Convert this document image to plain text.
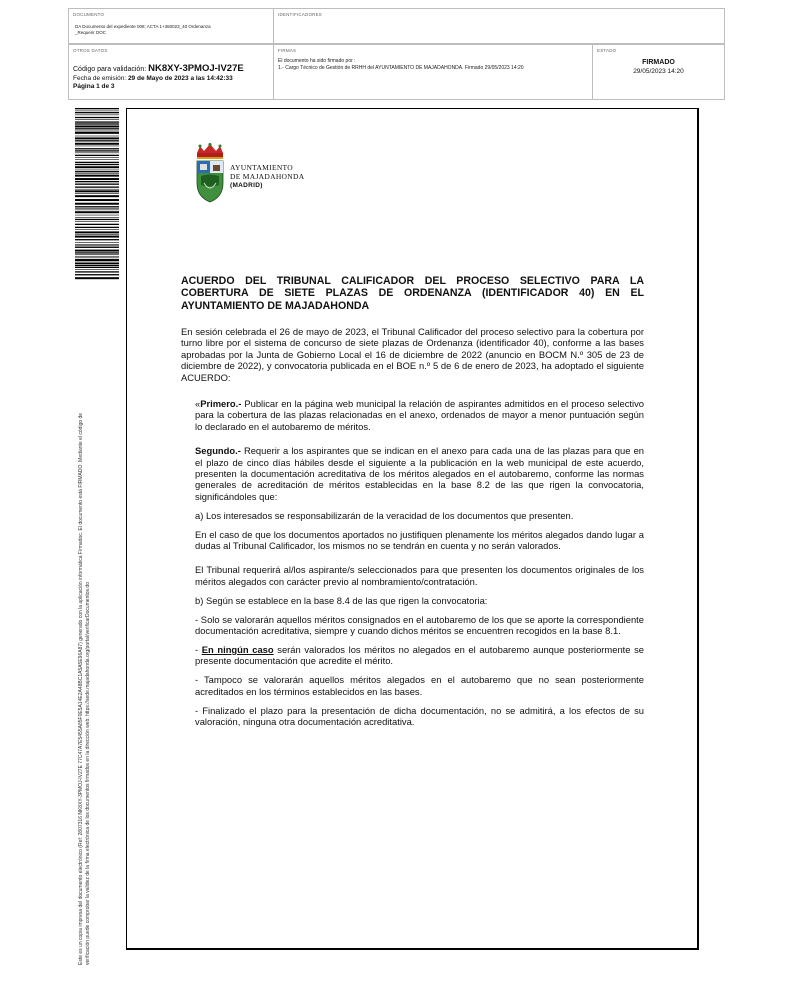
DOCUMENTO
DA Documento del expediente 008; ACTA 1+360023_40 Ordenanza
_Requerir DOC
IDENTIFICADORES
OTROS DATOS
Código para validación: NK8XY-3PMOJ-IV27E
Fecha de emisión: 29 de Mayo de 2023 a las 14:42:33
Página 1 de 3
FIRMAS
El documento ha sido firmado por :
1.- Cargo Técnico de Gestión de RRHH del AYUNTAMIENTO DE MAJADAHONDA. Firmado 29/05/2023 14:20
ESTADO
FIRMADO
29/05/2023 14:20
Este es un copia impresa del documento electrónico (Ref: 2807316 NK8XY-3PMOJ-IV27E 77C47A7E5455A85F0E5A14E2A48BC1A5A5E96A87) generado con la aplicación informática Firmadoc. El documento está FIRMADO. Mediante el código de verificación puede comprobar la validez de la firma electrónica de los documentos firmados en la dirección web: https://sede.majadahonda.org/portal/verificarDocumentos.do
AYUNTAMIENTO
DE MAJADAHONDA
(MADRID)

ACUERDO DEL TRIBUNAL CALIFICADOR DEL PROCESO SELECTIVO PARA LA COBERTURA DE SIETE PLAZAS DE ORDENANZA (IDENTIFICADOR 40) EN EL AYUNTAMIENTO DE MAJADAHONDA

En sesión celebrada el 26 de mayo de 2023, el Tribunal Calificador del proceso selectivo para la cobertura por turno libre por el sistema de concurso de siete plazas de Ordenanza (identificador 40), conforme a las bases aprobadas por la Junta de Gobierno Local el 16 de diciembre de 2022 (anuncio en BOCM N.º 305 de 23 de diciembre de 2022), y convocatoria publicada en el BOE n.º 5 de 6 de enero de 2023, ha adoptado el siguiente ACUERDO:

«Primero.- Publicar en la página web municipal la relación de aspirantes admitidos en el proceso selectivo para la cobertura de las plazas relacionadas en el anexo, ordenados de mayor a menor puntuación según lo declarado en el autobaremo de méritos.

Segundo.- Requerir a los aspirantes que se indican en el anexo para cada una de las plazas para que en el plazo de cinco días hábiles desde el siguiente a la publicación en la web municipal de este acuerdo, presenten la documentación acreditativa de los méritos alegados en el autobaremo, conforme las normas generales de acreditación de méritos establecidas en la base 8.2 de las que rigen la convocatoria, significándoles que:

a) Los interesados se responsabilizarán de la veracidad de los documentos que presenten.

En el caso de que los documentos aportados no justifiquen plenamente los méritos alegados dando lugar a dudas al Tribunal Calificador, los mismos no se tendrán en cuenta y no serán valorados.

El Tribunal requerirá al/los aspirante/s seleccionados para que presenten los documentos originales de los méritos alegados con carácter previo al nombramiento/contratación.

b) Según se establece en la base 8.4 de las que rigen la convocatoria:

- Solo se valorarán aquellos méritos consignados en el autobaremo de los que se aporte la correspondiente documentación acreditativa, siempre y cuando dichos méritos se encuentren recogidos en la base 8.1.

- En ningún caso serán valorados los méritos no alegados en el autobaremo aunque posteriormente se presente documentación que acredite el mérito.

- Tampoco se valorarán aquellos méritos alegados en el autobaremo que no sean posteriormente acreditados en los términos establecidos en las bases.

- Finalizado el plazo para la presentación de dicha documentación, no se admitirá, a los efectos de su valoración, ninguna otra documentación acreditativa.
